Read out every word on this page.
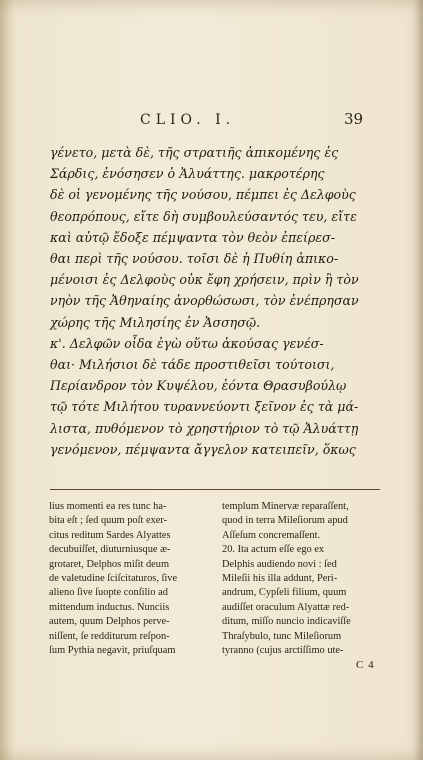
CLIO. I.	39
γένετο, μετὰ δὲ, τῆς στρατιῆς ἀπικομένης ἐς
Σάρδις, ἐνόσησεν ὁ Ἀλυάττης. μακροτέρης
δὲ οἱ γενομένης τῆς νούσου, πέμπει ἐς Δελφοὺς
θεοπρόπους, εἴτε δὴ συμβουλεύσαντός τευ, εἴτε
καὶ αὐτῷ ἔδοξε πέμψαντα τὸν θεὸν ἐπείρεσ-
θαι περὶ τῆς νούσου. τοῖσι δὲ ἡ Πυθίη ἀπικο-
μένοισι ἐς Δελφοὺς οὐκ ἔφη χρήσειν, πρὶν ἢ τὸν
νηὸν τῆς Ἀθηναίης ἀνορθώσωσι, τὸν ἐνέπρησαν
χώρης τῆς Μιλησίης ἐν Ἀσσησῷ.
κ'. Δελφῶν οἶδα ἐγὼ οὕτω ἀκούσας γενέσ-
θαι· Μιλήσιοι δὲ τάδε προστιθεῖσι τούτοισι,
Περίανδρον τὸν Κυψέλου, ἐόντα Θρασυβούλῳ
τῷ τότε Μιλήτου τυραννεύοντι ξεῖνον ἐς τὰ μά-
λιστα, πυθόμενον τὸ χρηστήριον τὸ τῷ Ἀλυάττῃ
γενόμενον, πέμψαντα ἄγγελον κατειπεῖν, ὅκως
lius momenti ea res tunc ha-
bita eſt ; ſed quum poſt exer-
citus reditum Sardes Alyattes
decubuiſſet, diuturniusque æ-
grotaret, Delphos miſit deum
de valetudine ſciſcitaturos, ſive
alieno ſive ſuopte conſilio ad
mittendum inductus. Nunciis
autem, quum Delphos perve-
niſſent, ſe redditurum reſpon-
ſum Pythia negavit, priuſquam
templum Minervæ reparaſſent,
quod in terra Mileſiorum apud
Aſſeſum concremaſſent.
20. Ita actum eſſe ego ex
Delphis audiendo novi : ſed
Mileſii his illa addunt, Peri-
andrum, Cypſeli filium, quum
audiſſet oraculum Alyattæ red-
ditum, miſſo nuncio indicaviſſe
Thraſybulo, tunc Mileſiorum
tyranno (cujus arctiſſimo ute-
C 4
